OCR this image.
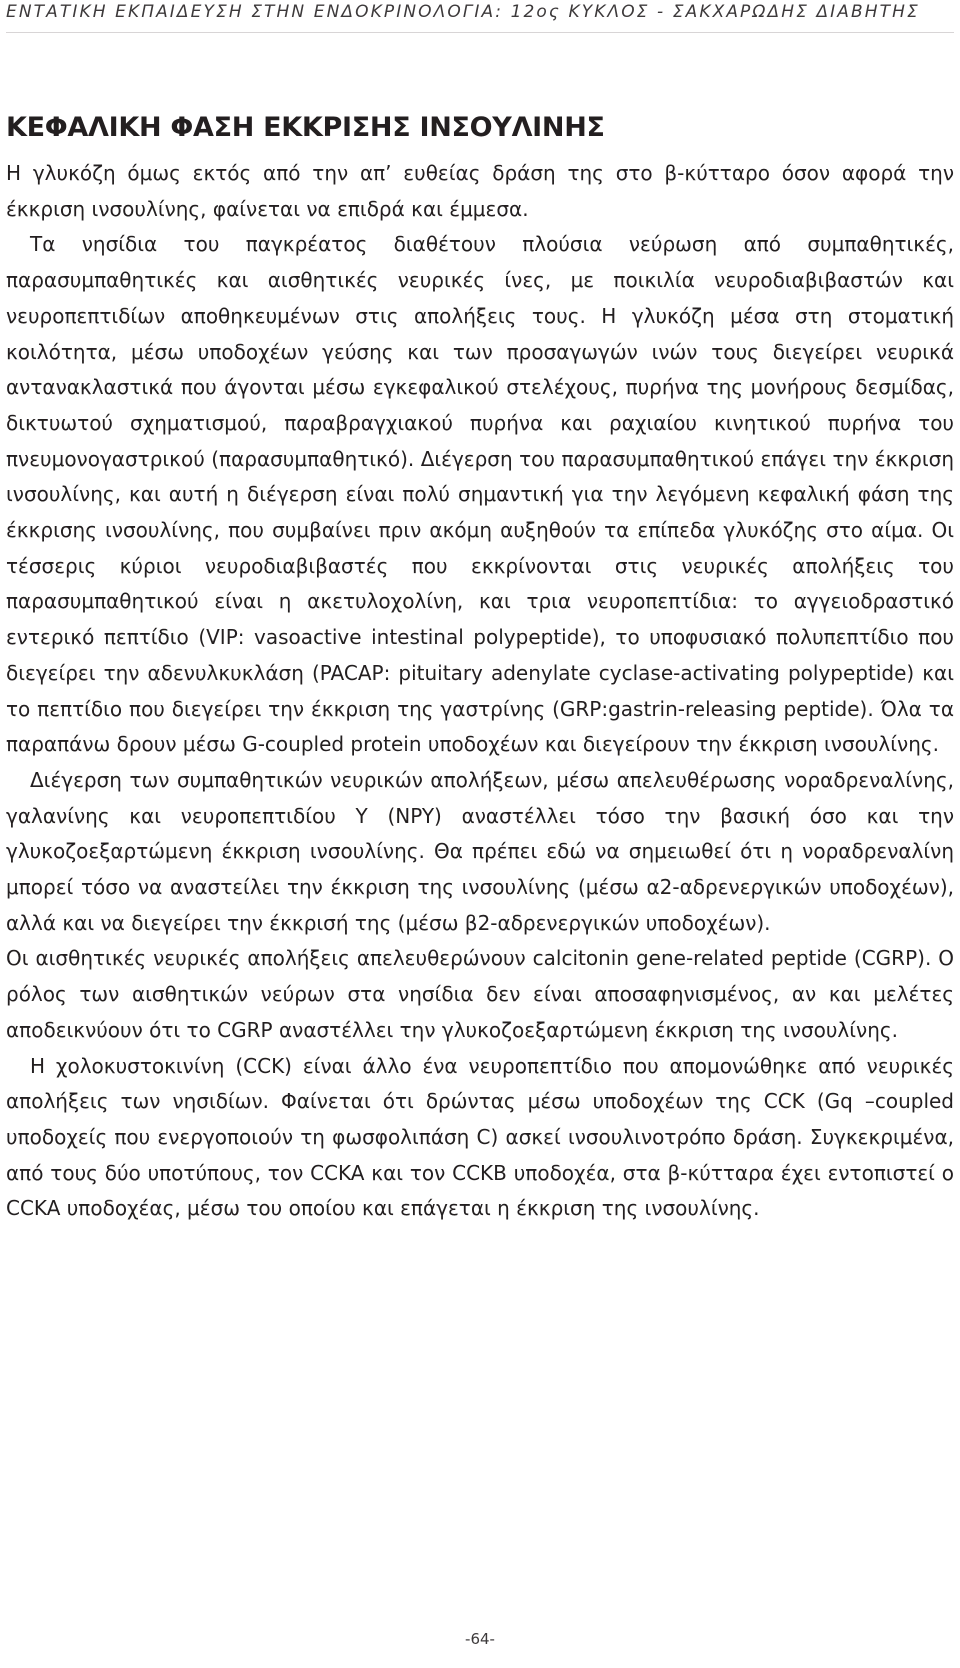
ΕΝΤΑΤΙΚΗ ΕΚΠΑΙΔΕΥΣΗ ΣΤΗΝ ΕΝΔΟΚΡΙΝΟΛΟΓΙΑ: 12ος ΚΥΚΛΟΣ - ΣΑΚΧΑΡΩΔΗΣ ΔΙΑΒΗΤΗΣ
ΚΕΦΑΛΙΚΗ ΦΑΣΗ ΕΚΚΡΙΣΗΣ ΙΝΣΟΥΛΙΝΗΣ

Η γλυκόζη όμως εκτός από την απ’ ευθείας δράση της στο β-κύτταρο όσον αφορά την έκκριση ινσουλίνης, φαίνεται να επιδρά και έμμεσα.

Τα νησίδια του παγκρέατος διαθέτουν πλούσια νεύρωση από συμπαθητικές, παρασυμπαθητικές και αισθητικές νευρικές ίνες, με ποικιλία νευροδιαβιβαστών και νευροπεπτιδίων αποθηκευμένων στις απολήξεις τους. Η γλυκόζη μέσα στη στοματική κοιλότητα, μέσω υποδοχέων γεύσης και των προσαγωγών ινών τους διεγείρει νευρικά αντανακλαστικά που άγονται μέσω εγκεφαλικού στελέχους, πυρήνα της μονήρους δεσμίδας, δικτυωτού σχηματισμού, παραβραγχιακού πυρήνα και ραχιαίου κινητικού πυρήνα του πνευμονογαστρικού (παρασυμπαθητικό). Διέγερση του παρασυμπαθητικού επάγει την έκκριση ινσουλίνης, και αυτή η διέγερση είναι πολύ σημαντική για την λεγόμενη κεφαλική φάση της έκκρισης ινσουλίνης, που συμβαίνει πριν ακόμη αυξηθούν τα επίπεδα γλυκόζης στο αίμα. Οι τέσσερις κύριοι νευροδιαβιβαστές που εκκρίνονται στις νευρικές απολήξεις του παρασυμπαθητικού είναι η ακετυλοχολίνη, και τρια νευροπεπτίδια: το αγγειοδραστικό εντερικό πεπτίδιο (VIP: vasoactive intestinal polypeptide), το υποφυσιακό πολυπεπτίδιο που διεγείρει την αδενυλκυκλάση (PACAP: pituitary adenylate cyclase-activating polypeptide) και το πεπτίδιο που διεγείρει την έκκριση της γαστρίνης (GRP:gastrin-releasing peptide). Όλα τα παραπάνω δρουν μέσω G-coupled protein υποδοχέων και διεγείρουν την έκκριση ινσουλίνης.

Διέγερση των συμπαθητικών νευρικών απολήξεων, μέσω απελευθέρωσης νοραδρεναλίνης, γαλανίνης και νευροπεπτιδίου Υ (NPY) αναστέλλει τόσο την βασική όσο και την γλυκοζοεξαρτώμενη έκκριση ινσουλίνης. Θα πρέπει εδώ να σημειωθεί ότι η νοραδρεναλίνη μπορεί τόσο να αναστείλει την έκκριση της ινσουλίνης (μέσω α2-αδρενεργικών υποδοχέων), αλλά και να διεγείρει την έκκρισή της (μέσω β2-αδρενεργικών υποδοχέων).

Οι αισθητικές νευρικές απολήξεις απελευθερώνουν calcitonin gene-related peptide (CGRP). Ο ρόλος των αισθητικών νεύρων στα νησίδια δεν είναι αποσαφηνισμένος, αν και μελέτες αποδεικνύουν ότι το CGRP αναστέλλει την γλυκοζοεξαρτώμενη έκκριση της ινσουλίνης.

Η χολοκυστοκινίνη (CCK) είναι άλλο ένα νευροπεπτίδιο που απομονώθηκε από νευρικές απολήξεις των νησιδίων. Φαίνεται ότι δρώντας μέσω υποδοχέων της CCK (Gq –coupled υποδοχείς που ενεργοποιούν τη φωσφολιπάση C) ασκεί ινσουλινοτρόπο δράση. Συγκεκριμένα, από τους δύο υποτύπους, τον CCKA και τον CCKB υποδοχέα, στα β-κύτταρα έχει εντοπιστεί ο CCKA υποδοχέας, μέσω του οποίου και επάγεται η έκκριση της ινσουλίνης.

-64-
